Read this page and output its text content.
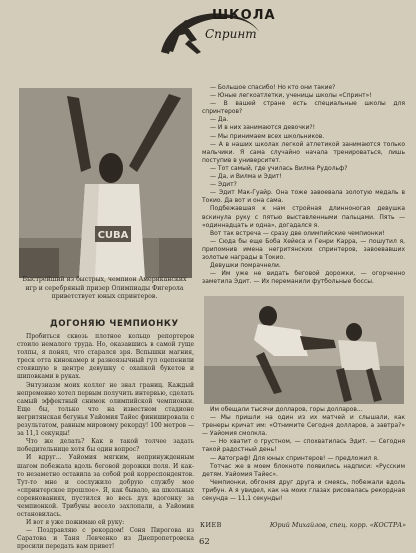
ШКОЛА
Спринт
CUBA
Быстрейший из быстрых, чемпион Американских игр и серебряный призер Олимпиады Фигерола приветствует юных спринтеров.
ДОГОНЯЮ ЧЕМПИОНКУ

Пробиться сквозь плотное кольцо репортеров стоило немалого труда. Но, оказавшись в самой гуще толпы, я понял, что старался зря. Вспышки магния, треск отта кинокамер и разноязычный гул оцепенили стоявшую в центре девушку с охапкой букетов и шиповками в руках.

Энтузиазм моих коллег не знал границ. Каждый непременно хотел первым получить интервью, сделать самый эффектный снимок олимпийской чемпионки. Еще бы, только что на известном стадионе негритянская бегунья Уайомия Тайес финишировала с результатом, равным мировому рекорду! 100 метров — за 11,1 секунды!

Что же делать? Как в такой толчее задать победительнице хотя бы один вопрос?

И вдруг... Уайомия мягким, непринужденным шагом побежала вдоль беговой дорожки поля. И как-то незаметно оставила за собой рой корреспондентов. Тут-то мне и сослужило добрую службу мое «спринтерское прошлое». Я, как бывало, на школьных соревнованиях, пустился во весь дух вдогонку за чемпионкой. Трибуны весело захлопали, а Уайомия остановилась.

И вот я уже пожимаю ей руку:

— Поздравляю с рекордом! Соня Пирогова из Саратова и Таня Левченко из Днепропетровска просили передать вам привет!

— Большое спасибо! Но кто они такие?

— Юные легкоатлетки, ученицы школы «Спринт»!

— В вашей стране есть специальные школы для спринтеров?

— Да.

— И в них занимаются девочки?!

— Мы принимаем всех школьников.

— А в наших школах легкой атлетикой занимаются только мальчики. Я сама случайно начала тренироваться, лишь поступив в университет.

— Тот самый, где училась Вилма Рудольф?

— Да, и Вилма и Эдит!

— Эдит?

— Эдит Мак-Гуайр. Она тоже завоевала золотую медаль в Токио. Да вот и она сама.

Подбежавшая к нам стройная длинноногая девушка вскинула руку с пятью выставленными пальцами. Пять — «одиннадцать и одна», догадался я.

Вот так встреча — сразу две олимпийские чемпионки!

— Сюда бы еще Боба Хейеса и Генри Карра, — пошутил я, припомнив имена негритянских спринтеров, завоевавших золотые награды в Токио.

Девушки помрачнели.

— Им уже не видать беговой дорожки, — огорченно заметила Эдит. — Их переманили футбольные боссы.

Им обещали тысячи долларов, горы долларов...

— Мы пришли на один из их матчей и слышали, как тренеры кричат им: «Отнимите Сегодня долларов, а завтра?» — Уайомия смолкла.

— Но хватит о грустном, — спохватилась Эдит. — Сегодня такой радостный день!

— Автограф! Для юных спринтеров! — предложил я.

Тотчас же в моем блокноте появились надписи: «Русским детям. Уайомия Тайес».

Чемпионки, обгоняя друг друга и смеясь, побежали вдоль трибун. А я увидел, как на моих глазах рисовалась рекордная секунда — 11,1 секунды!

КИЕВ	Юрий Михайлов, спец. корр. «КОСТРА»
62
